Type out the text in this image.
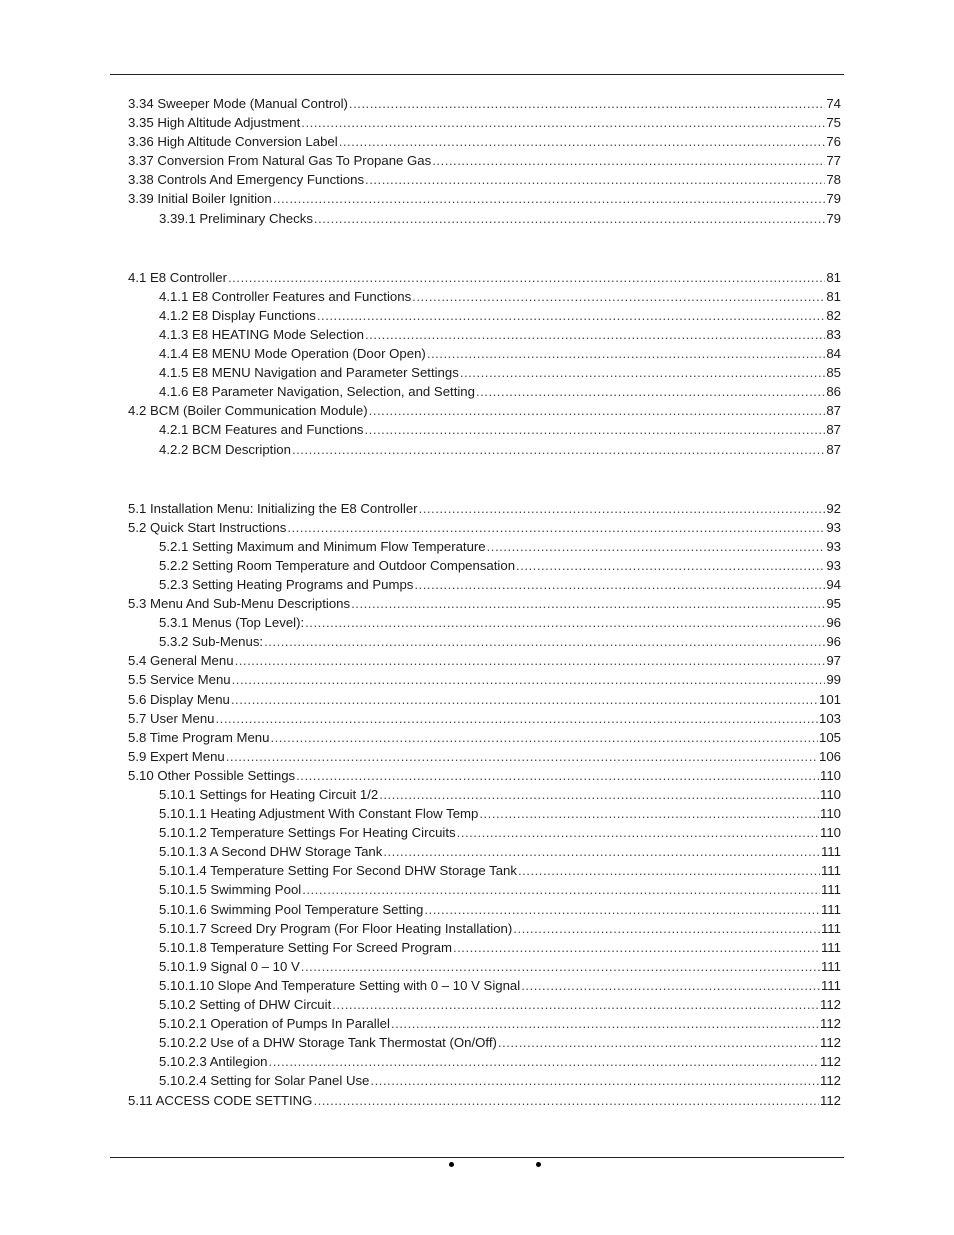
3.34 Sweeper Mode (Manual Control) .....	74
3.35 High Altitude Adjustment .....	75
3.36 High Altitude Conversion Label .....	76
3.37 Conversion From Natural Gas To Propane Gas .....	77
3.38 Controls And Emergency Functions .....	78
3.39 Initial Boiler Ignition .....	79
3.39.1 Preliminary Checks .....	79
4.1 E8 Controller .....	81
4.1.1 E8 Controller Features and Functions .....	81
4.1.2 E8 Display Functions .....	82
4.1.3 E8 HEATING Mode Selection .....	83
4.1.4 E8 MENU Mode Operation (Door Open) .....	84
4.1.5 E8 MENU Navigation and Parameter Settings .....	85
4.1.6 E8 Parameter Navigation, Selection, and Setting .....	86
4.2 BCM (Boiler Communication Module) .....	87
4.2.1 BCM Features and Functions .....	87
4.2.2 BCM Description .....	87
5.1 Installation Menu: Initializing the E8 Controller .....	92
5.2 Quick Start Instructions .....	93
5.2.1 Setting Maximum and Minimum Flow Temperature .....	93
5.2.2 Setting Room Temperature and Outdoor Compensation .....	93
5.2.3 Setting Heating Programs and Pumps .....	94
5.3 Menu And Sub-Menu Descriptions .....	95
5.3.1 Menus (Top Level): .....	96
5.3.2 Sub-Menus: .....	96
5.4 General Menu .....	97
5.5 Service Menu .....	99
5.6 Display Menu .....	101
5.7 User Menu .....	103
5.8 Time Program Menu .....	105
5.9 Expert Menu .....	106
5.10 Other Possible Settings .....	110
5.10.1 Settings for Heating Circuit 1/2 .....	110
5.10.1.1 Heating Adjustment With Constant Flow Temp .....	110
5.10.1.2 Temperature Settings For Heating Circuits .....	110
5.10.1.3 A Second DHW Storage Tank .....	111
5.10.1.4 Temperature Setting For Second DHW Storage Tank .....	111
5.10.1.5 Swimming Pool .....	111
5.10.1.6 Swimming Pool Temperature Setting .....	111
5.10.1.7 Screed Dry Program (For Floor Heating Installation) .....	111
5.10.1.8 Temperature Setting For Screed Program .....	111
5.10.1.9 Signal 0 – 10 V .....	111
5.10.1.10 Slope And Temperature Setting with 0 – 10 V Signal .....	111
5.10.2 Setting of DHW Circuit .....	112
5.10.2.1 Operation of Pumps In Parallel .....	112
5.10.2.2 Use of a DHW Storage Tank Thermostat (On/Off) .....	112
5.10.2.3 Antilegion .....	112
5.10.2.4 Setting for Solar Panel Use .....	112
5.11 ACCESS CODE SETTING .....	112
